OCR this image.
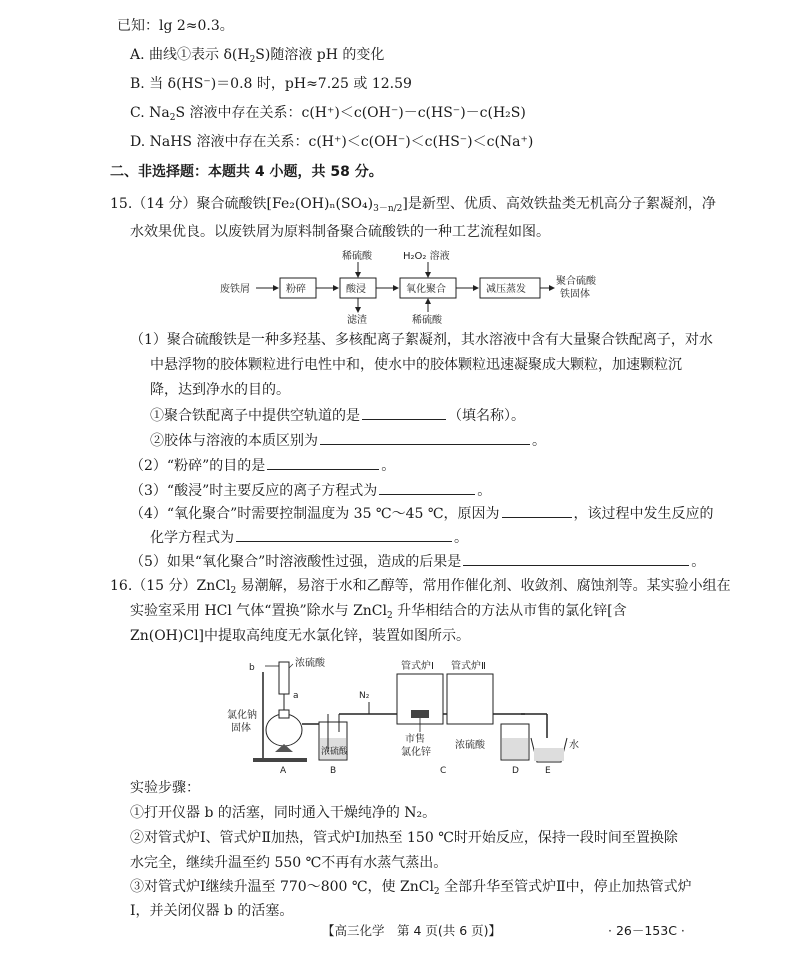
已知：lg 2≈0.3。
A. 曲线①表示 $\delta(H_2S)$随溶液 pH 的变化
B. 当 δ(HS⁻)＝0.8 时，pH≈7.25 或 12.59
C. $Na_2S$ 溶液中存在关系：c(H⁺)＜c(OH⁻)－c(HS⁻)－c(H₂S)
D. NaHS 溶液中存在关系：c(H⁺)＜c(OH⁻)＜c(HS⁻)＜c(Na⁺)
二、非选择题：本题共 4 小题，共 58 分。
15.（14 分）聚合硫酸铁$[Fe_2(OH)_n(SO_4)_{3-n/2}]$是新型、优质、高效铁盐类无机高分子絮凝剂，净
水效果优良。以废铁屑为原料制备聚合硫酸铁的一种工艺流程如图。
废铁屑	粉碎	酸浸
稀硫酸
滤渣
氧化聚合
H₂O₂ 溶液
稀硫酸
减压蒸发
聚合硫酸
铁固体
（1）聚合硫酸铁是一种多羟基、多核配离子絮凝剂，其水溶液中含有大量聚合铁配离子，对水
中悬浮物的胶体颗粒进行电性中和，使水中的胶体颗粒迅速凝聚成大颗粒，加速颗粒沉
降，达到净水的目的。
①聚合铁配离子中提供空轨道的是	（填名称）。
②胶体与溶液的本质区别为	。
（2）“粉碎”的目的是	。
（3）“酸浸”时主要反应的离子方程式为	。
（4）“氧化聚合”时需要控制温度为 35 ℃～45 ℃，原因为	，该过程中发生反应的
化学方程式为	。
（5）如果“氧化聚合”时溶液酸性过强，造成的后果是	。
16.（15 分）ZnCl$_2$ 易潮解，易溶于水和乙醇等，常用作催化剂、收敛剂、腐蚀剂等。某实验小组在
实验室采用 HCl 气体“置换”除水与 ZnCl$_2$ 升华相结合的方法从市售的氯化锌[含
Zn(OH)Cl]中提取高纯度无水氯化锌，装置如图所示。
b	浓硫酸
a
氯化钠
固体
浓硫酸
N₂
管式炉Ⅰ 管式炉Ⅱ
市售
氯化锌
浓硫酸	水
A	B	C	D	E
实验步骤：
①打开仪器 b 的活塞，同时通入干燥纯净的 N₂。
②对管式炉Ⅰ、管式炉Ⅱ加热，管式炉Ⅰ加热至 150 ℃时开始反应，保持一段时间至置换除
水完全，继续升温至约 550 ℃不再有水蒸气蒸出。
③对管式炉Ⅰ继续升温至 770～800 ℃，使 ZnCl$_2$ 全部升华至管式炉Ⅱ中，停止加热管式炉
Ⅰ，并关闭仪器 b 的活塞。
【高三化学　第 4 页(共 6 页)】	· 26－153C ·
